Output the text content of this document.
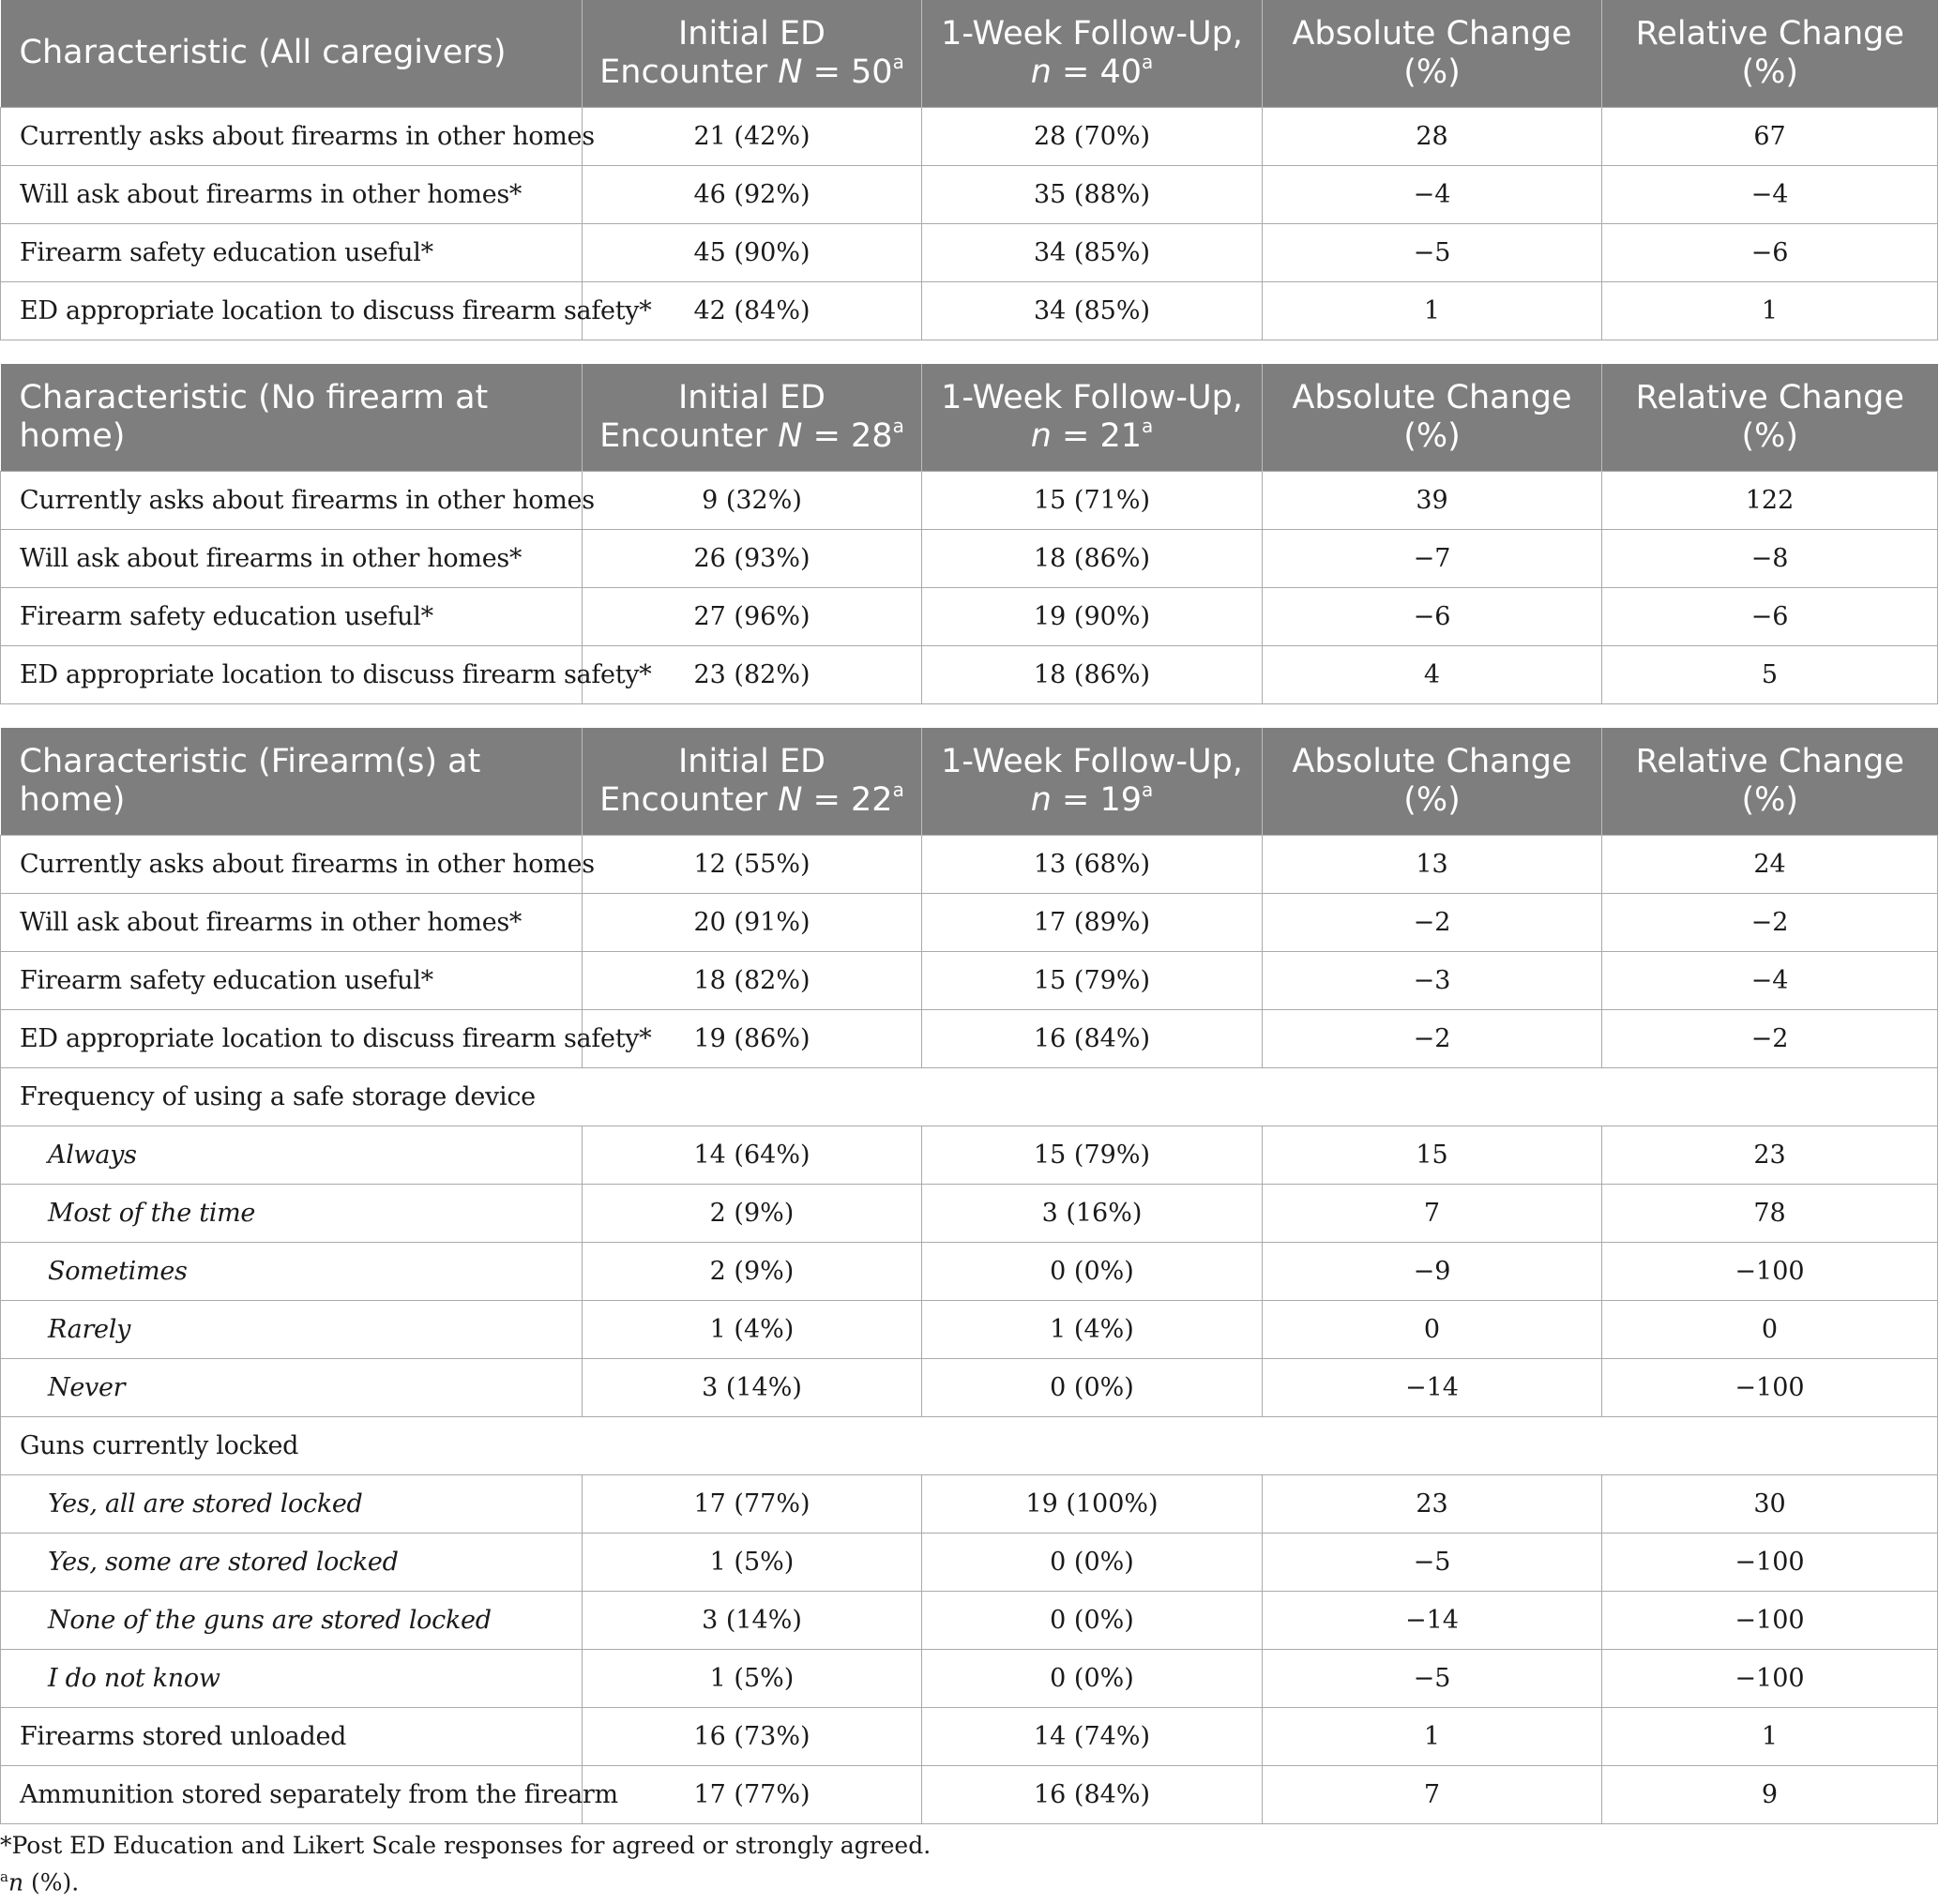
Characteristic (All caregivers)	Initial ED Encounter $N = 50^a$	1-Week Follow-Up, $n = 40^a$	Absolute Change (%)	Relative Change (%)
Currently asks about firearms in other homes	21 (42%)	28 (70%)	28	67
Will ask about firearms in other homes*	46 (92%)	35 (88%)	−4	−4
Firearm safety education useful*	45 (90%)	34 (85%)	−5	−6
ED appropriate location to discuss firearm safety*	42 (84%)	34 (85%)	1	1
Characteristic (No firearm at home)	Initial ED Encounter $N = 28^a$	1-Week Follow-Up, $n = 21^a$	Absolute Change (%)	Relative Change (%)
Currently asks about firearms in other homes	9 (32%)	15 (71%)	39	122
Will ask about firearms in other homes*	26 (93%)	18 (86%)	−7	−8
Firearm safety education useful*	27 (96%)	19 (90%)	−6	−6
ED appropriate location to discuss firearm safety*	23 (82%)	18 (86%)	4	5
Characteristic (Firearm(s) at home)	Initial ED Encounter $N = 22^a$	1-Week Follow-Up, $n = 19^a$	Absolute Change (%)	Relative Change (%)
Currently asks about firearms in other homes	12 (55%)	13 (68%)	13	24
Will ask about firearms in other homes*	20 (91%)	17 (89%)	−2	−2
Firearm safety education useful*	18 (82%)	15 (79%)	−3	−4
ED appropriate location to discuss firearm safety*	19 (86%)	16 (84%)	−2	−2
Frequency of using a safe storage device				
Always	14 (64%)	15 (79%)	15	23
Most of the time	2 (9%)	3 (16%)	7	78
Sometimes	2 (9%)	0 (0%)	−9	−100
Rarely	1 (4%)	1 (4%)	0	0
Never	3 (14%)	0 (0%)	−14	−100
Guns currently locked				
Yes, all are stored locked	17 (77%)	19 (100%)	23	30
Yes, some are stored locked	1 (5%)	0 (0%)	−5	−100
None of the guns are stored locked	3 (14%)	0 (0%)	−14	−100
I do not know	1 (5%)	0 (0%)	−5	−100
Firearms stored unloaded	16 (73%)	14 (74%)	1	1
Ammunition stored separately from the firearm	17 (77%)	16 (84%)	7	9
*Post ED Education and Likert Scale responses for agreed or strongly agreed.
$^a$n (%).
